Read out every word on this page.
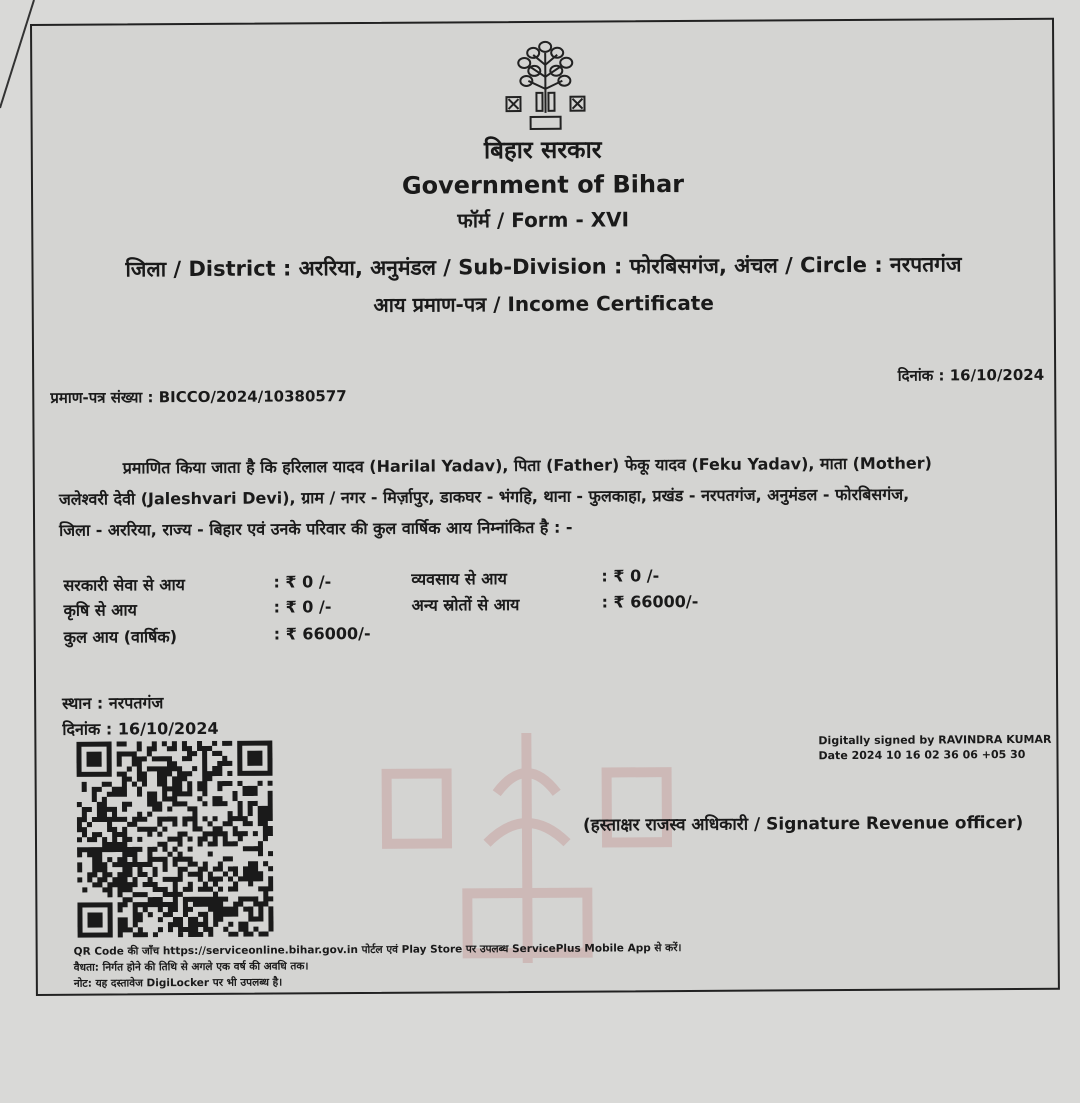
बिहार सरकार
Government of Bihar
फॉर्म / Form - XVI
जिला / District : अररिया, अनुमंडल / Sub-Division : फोरबिसगंज, अंचल / Circle : नरपतगंज
आय प्रमाण-पत्र / Income Certificate
प्रमाण-पत्र संख्या : BICCO/2024/10380577
दिनांक : 16/10/2024
प्रमाणित किया जाता है कि हरिलाल यादव (Harilal Yadav), पिता (Father) फेकू यादव (Feku Yadav), माता (Mother)
जलेश्वरी देवी (Jaleshvari Devi), ग्राम / नगर - मिर्ज़ापुर, डाकघर - भंगहि, थाना - फुलकाहा, प्रखंड - नरपतगंज, अनुमंडल - फोरबिसगंज,
जिला - अररिया, राज्य - बिहार एवं उनके परिवार की कुल वार्षिक आय निम्नांकित है : -
सरकारी सेवा से आय	: ₹ 0 /-	व्यवसाय से आय	: ₹ 0 /-
कृषि से आय	: ₹ 0 /-	अन्य स्रोतों से आय	: ₹ 66000/-
कुल आय (वार्षिक)	: ₹ 66000/-
स्थान : नरपतगंज
दिनांक : 16/10/2024
Digitally signed by RAVINDRA KUMAR
Date 2024 10 16 02 36 06 +05 30
(हस्ताक्षर राजस्व अधिकारी / Signature Revenue officer)
QR Code की जाँच https://serviceonline.bihar.gov.in पोर्टल एवं Play Store पर उपलब्ध ServicePlus Mobile App से करें।
वैधता: निर्गत होने की तिथि से अगले एक वर्ष की अवधि तक।
नोट: यह दस्तावेज DigiLocker पर भी उपलब्ध है।
